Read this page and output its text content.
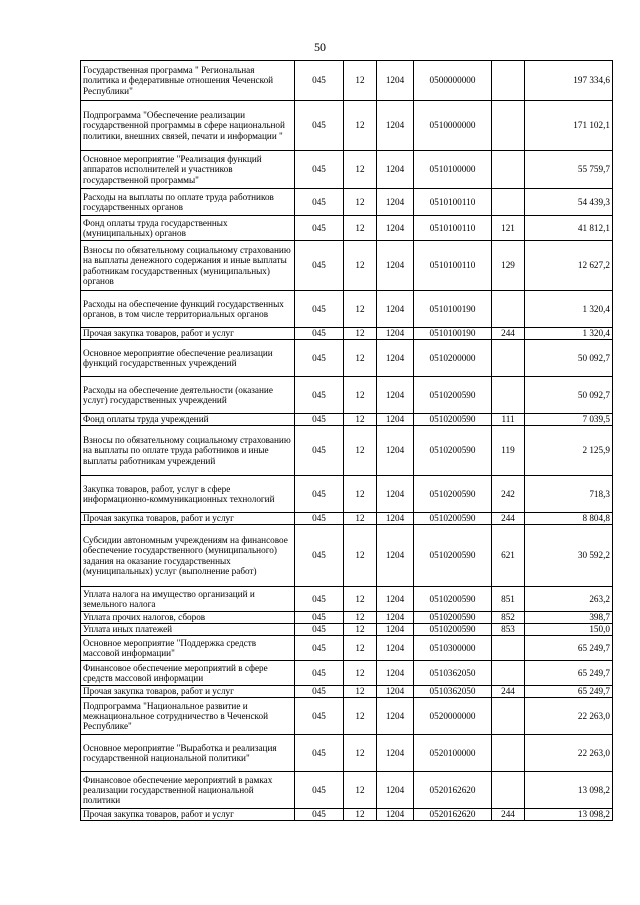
50
Государственная программа " Региональная политика и федеративные отношения Чеченской Республики"	045	12	1204	0500000000		197 334,6
Подпрограмма "Обеспечение реализации государственной программы в сфере национальной политики, внешних связей, печати и информации "	045	12	1204	0510000000		171 102,1
Основное мероприятие "Реализация функций аппаратов исполнителей и участников государственной программы"	045	12	1204	0510100000		55 759,7
Расходы на выплаты по оплате труда работников государственных органов	045	12	1204	0510100110		54 439,3
Фонд оплаты труда государственных (муниципальных) органов	045	12	1204	0510100110	121	41 812,1
Взносы по обязательному социальному страхованию на выплаты денежного содержания и иные выплаты работникам государственных (муниципальных) органов	045	12	1204	0510100110	129	12 627,2
Расходы на обеспечение функций государственных органов, в том числе территориальных органов	045	12	1204	0510100190		1 320,4
Прочая закупка товаров, работ и услуг	045	12	1204	0510100190	244	1 320,4
Основное мероприятие обеспечение реализации функций государственных учреждений	045	12	1204	0510200000		50 092,7
Расходы на обеспечение деятельности (оказание услуг) государственных учреждений	045	12	1204	0510200590		50 092,7
Фонд оплаты труда учреждений	045	12	1204	0510200590	111	7 039,5
Взносы по обязательному социальному страхованию на выплаты по оплате труда работников и иные выплаты работникам учреждений	045	12	1204	0510200590	119	2 125,9
Закупка товаров, работ, услуг в сфере информационно-коммуникационных технологий	045	12	1204	0510200590	242	718,3
Прочая закупка товаров, работ и услуг	045	12	1204	0510200590	244	8 804,8
Субсидии автономным учреждениям на финансовое обеспечение государственного (муниципального) задания на оказание государственных (муниципальных) услуг (выполнение работ)	045	12	1204	0510200590	621	30 592,2
Уплата налога на имущество организаций и земельного налога	045	12	1204	0510200590	851	263,2
Уплата прочих налогов, сборов	045	12	1204	0510200590	852	398,7
Уплата иных платежей	045	12	1204	0510200590	853	150,0
Основное мероприятие "Поддержка средств массовой информации"	045	12	1204	0510300000		65 249,7
Финансовое обеспечение мероприятий в сфере средств массовой информации	045	12	1204	0510362050		65 249,7
Прочая закупка товаров, работ и услуг	045	12	1204	0510362050	244	65 249,7
Подпрограмма "Национальное развитие и межнациональное сотрудничество в Чеченской Республике"	045	12	1204	0520000000		22 263,0
Основное мероприятие "Выработка и реализация государственной национальной политики"	045	12	1204	0520100000		22 263,0
Финансовое обеспечение мероприятий в рамках реализации государственной национальной политики	045	12	1204	0520162620		13 098,2
Прочая закупка товаров, работ и услуг	045	12	1204	0520162620	244	13 098,2
